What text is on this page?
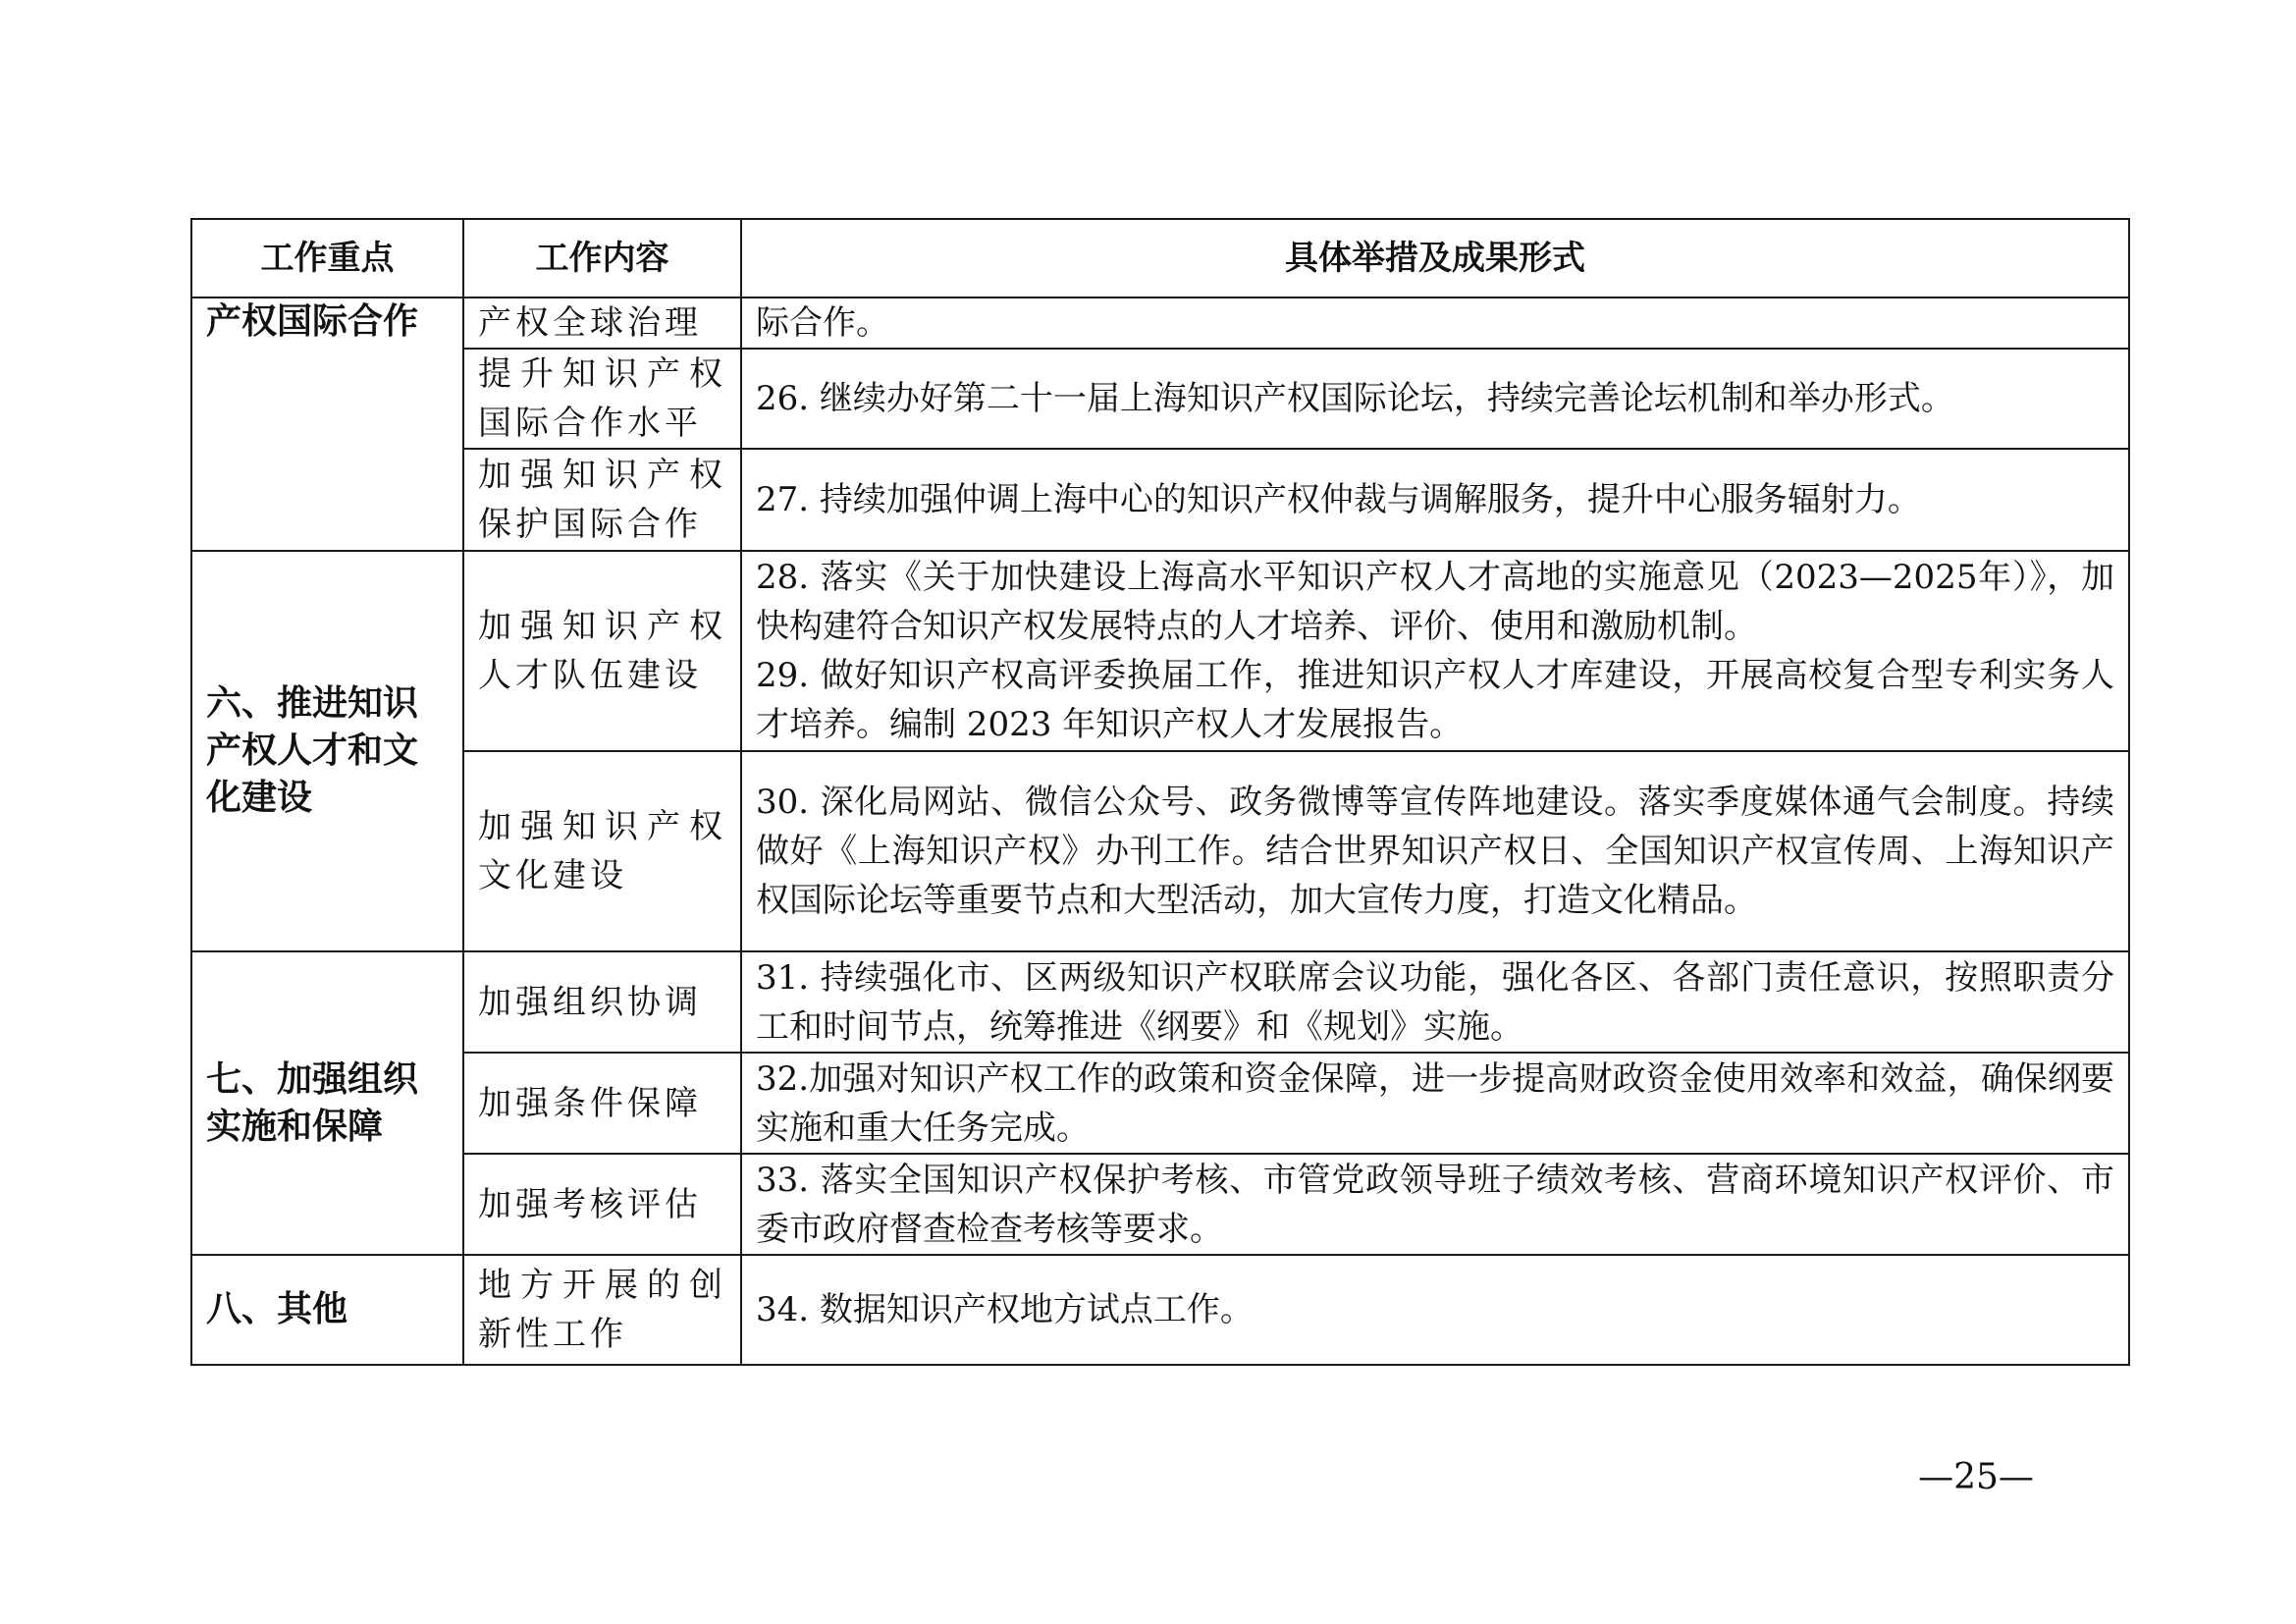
工作重点	工作内容	具体举措及成果形式
产权国际合作	产权全球治理	际合作。

	提升知识产权国际合作水平	26. 继续办好第二十一届上海知识产权国际论坛，持续完善论坛机制和举办形式。

	加强知识产权保护国际合作	27. 持续加强仲调上海中心的知识产权仲裁与调解服务，提升中心服务辐射力。

六、推进知识产权人才和文化建设	加强知识产权人才队伍建设	28. 落实《关于加快建设上海高水平知识产权人才高地的实施意见（2023—2025年）》，加快构建符合知识产权发展特点的人才培养、评价、使用和激励机制。
29. 做好知识产权高评委换届工作，推进知识产权人才库建设，开展高校复合型专利实务人才培养。编制 2023 年知识产权人才发展报告。

	加强知识产权文化建设	30. 深化局网站、微信公众号、政务微博等宣传阵地建设。落实季度媒体通气会制度。持续做好《上海知识产权》办刊工作。结合世界知识产权日、全国知识产权宣传周、上海知识产权国际论坛等重要节点和大型活动，加大宣传力度，打造文化精品。

七、加强组织实施和保障	加强组织协调	31. 持续强化市、区两级知识产权联席会议功能，强化各区、各部门责任意识，按照职责分工和时间节点，统筹推进《纲要》和《规划》实施。

	加强条件保障	32.加强对知识产权工作的政策和资金保障，进一步提高财政资金使用效率和效益，确保纲要实施和重大任务完成。

	加强考核评估	33. 落实全国知识产权保护考核、市管党政领导班子绩效考核、营商环境知识产权评价、市委市政府督查检查考核等要求。

八、其他	地方开展的创新性工作	34. 数据知识产权地方试点工作。
—25—
